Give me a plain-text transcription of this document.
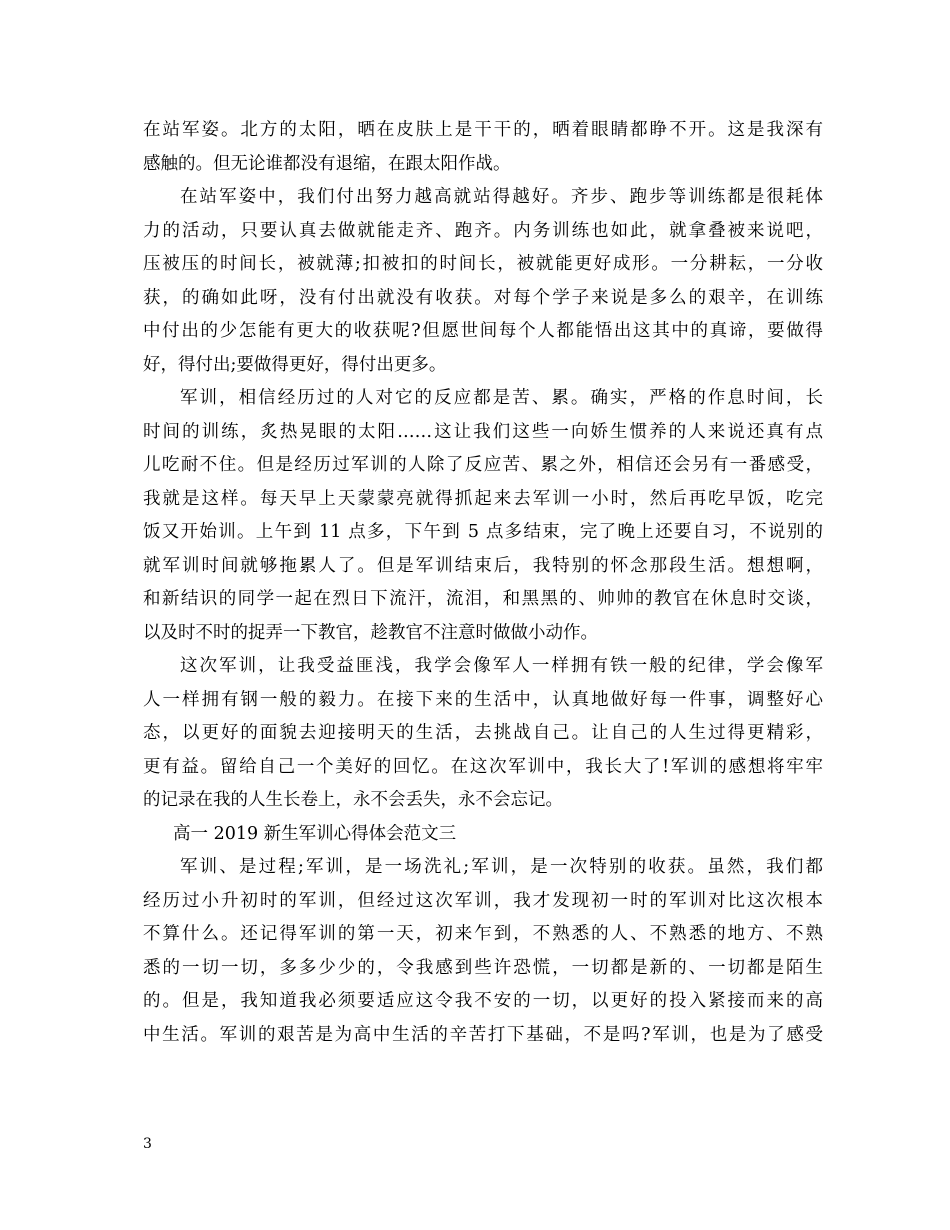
在站军姿。北方的太阳，晒在皮肤上是干干的，晒着眼睛都睁不开。这是我深有
感触的。但无论谁都没有退缩，在跟太阳作战。
在站军姿中，我们付出努力越高就站得越好。齐步、跑步等训练都是很耗体
力的活动，只要认真去做就能走齐、跑齐。内务训练也如此，就拿叠被来说吧，
压被压的时间长，被就薄;扣被扣的时间长，被就能更好成形。一分耕耘，一分收
获，的确如此呀，没有付出就没有收获。对每个学子来说是多么的艰辛，在训练
中付出的少怎能有更大的收获呢?但愿世间每个人都能悟出这其中的真谛，要做得
好，得付出;要做得更好，得付出更多。
军训，相信经历过的人对它的反应都是苦、累。确实，严格的作息时间，长
时间的训练，炙热晃眼的太阳……这让我们这些一向娇生惯养的人来说还真有点
儿吃耐不住。但是经历过军训的人除了反应苦、累之外，相信还会另有一番感受，
我就是这样。每天早上天蒙蒙亮就得抓起来去军训一小时，然后再吃早饭，吃完
饭又开始训。上午到 11 点多，下午到 5 点多结束，完了晚上还要自习，不说别的
就军训时间就够拖累人了。但是军训结束后，我特别的怀念那段生活。想想啊，
和新结识的同学一起在烈日下流汗，流泪，和黑黑的、帅帅的教官在休息时交谈，
以及时不时的捉弄一下教官，趁教官不注意时做做小动作。
这次军训，让我受益匪浅，我学会像军人一样拥有铁一般的纪律，学会像军
人一样拥有钢一般的毅力。在接下来的生活中，认真地做好每一件事，调整好心
态，以更好的面貌去迎接明天的生活，去挑战自己。让自己的人生过得更精彩，
更有益。留给自己一个美好的回忆。在这次军训中，我长大了!军训的感想将牢牢
的记录在我的人生长卷上，永不会丢失，永不会忘记。
高一 2019 新生军训心得体会范文三
军训、是过程;军训，是一场洗礼;军训，是一次特别的收获。虽然，我们都
经历过小升初时的军训，但经过这次军训，我才发现初一时的军训对比这次根本
不算什么。还记得军训的第一天，初来乍到，不熟悉的人、不熟悉的地方、不熟
悉的一切一切，多多少少的，令我感到些许恐慌，一切都是新的、一切都是陌生
的。但是，我知道我必须要适应这令我不安的一切，以更好的投入紧接而来的高
中生活。军训的艰苦是为高中生活的辛苦打下基础，不是吗?军训，也是为了感受
3
